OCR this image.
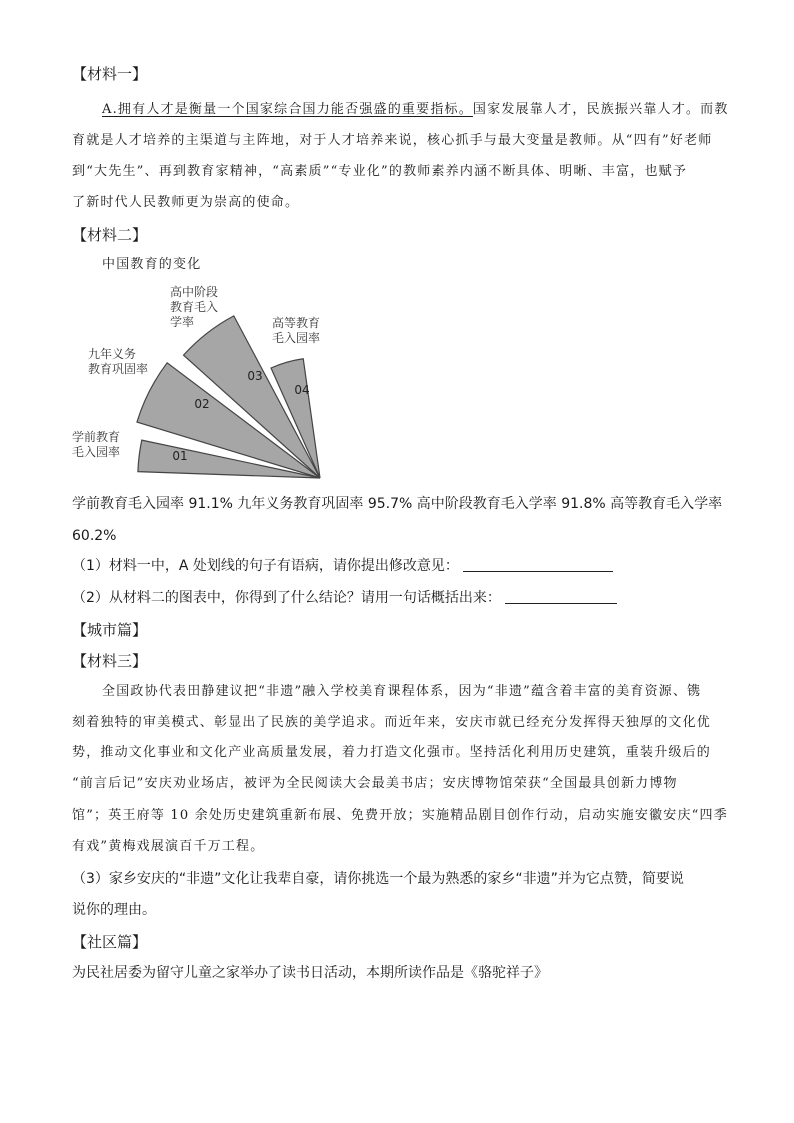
【材料一】
A.拥有人才是衡量一个国家综合国力能否强盛的重要指标。国家发展靠人才，民族振兴靠人才。而教
育就是人才培养的主渠道与主阵地，对于人才培养来说，核心抓手与最大变量是教师。从“四有”好老师
到“大先生”、再到教育家精神，“高素质”“专业化”的教师素养内涵不断具体、明晰、丰富，也赋予
了新时代人民教师更为崇高的使命。
【材料二】
中国教育的变化
01
学前教育毛入园率
02
九年义务教育巩固率	03
高中阶段教育毛入学率
04
高等教育毛入园率
学前教育毛入园率 91.1% 九年义务教育巩固率 95.7% 高中阶段教育毛入学率 91.8% 高等教育毛入学率
60.2%
（1）材料一中，A 处划线的句子有语病，请你提出修改意见：
（2）从材料二的图表中，你得到了什么结论？请用一句话概括出来：
【城市篇】
【材料三】
全国政协代表田静建议把“非遗”融入学校美育课程体系，因为“非遗”蕴含着丰富的美育资源、镌
刻着独特的审美模式、彰显出了民族的美学追求。而近年来，安庆市就已经充分发挥得天独厚的文化优
势，推动文化事业和文化产业高质量发展，着力打造文化强市。坚持活化利用历史建筑，重装升级后的
“前言后记”安庆劝业场店，被评为全民阅读大会最美书店；安庆博物馆荣获“全国最具创新力博物
馆”；英王府等 10 余处历史建筑重新布展、免费开放；实施精品剧目创作行动，启动实施安徽安庆“四季
有戏”黄梅戏展演百千万工程。
（3）家乡安庆的“非遗”文化让我辈自豪，请你挑选一个最为熟悉的家乡“非遗”并为它点赞，简要说
说你的理由。
【社区篇】
为民社居委为留守儿童之家举办了读书日活动，本期所读作品是《骆驼祥子》
